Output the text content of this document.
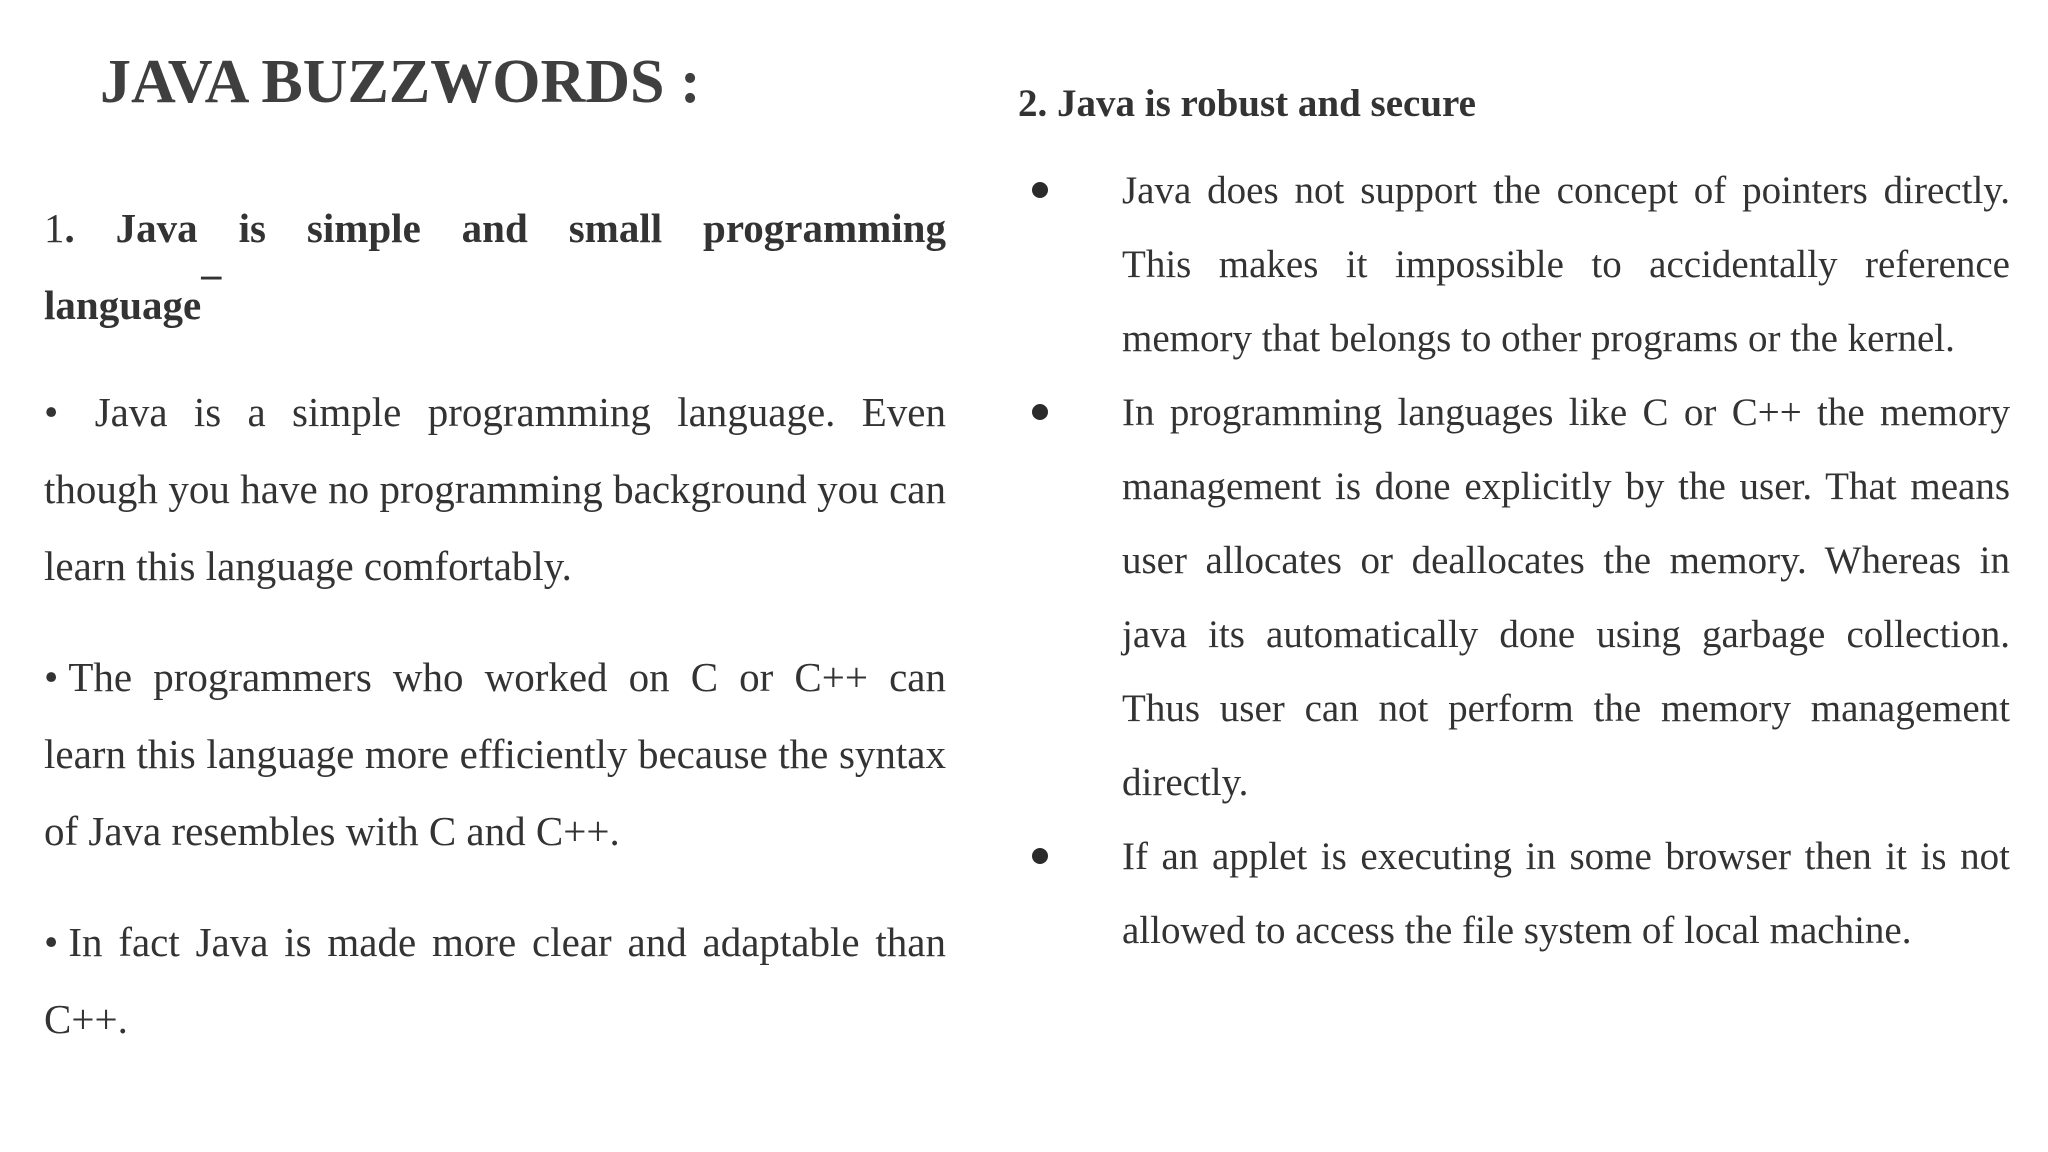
JAVA BUZZWORDS :

1. Java is simple and small programming language¯

• Java is a simple programming language. Even though you have no programming background you can learn this language comfortably.

• The programmers who worked on C or C++ can learn this language more efficiently because the syntax of Java resembles with C and C++.

• In fact Java is made more clear and adaptable than C++.

2. Java is robust and secure
Java does not support the concept of pointers directly. This makes it impossible to accidentally reference memory that belongs to other programs or the kernel.
In programming languages like C or C++ the memory management is done explicitly by the user. That means user allocates or deallocates the memory. Whereas in java its automatically done using garbage collection. Thus user can not perform the memory management directly.
If an applet is executing in some browser then it is not allowed to access the file system of local machine.
